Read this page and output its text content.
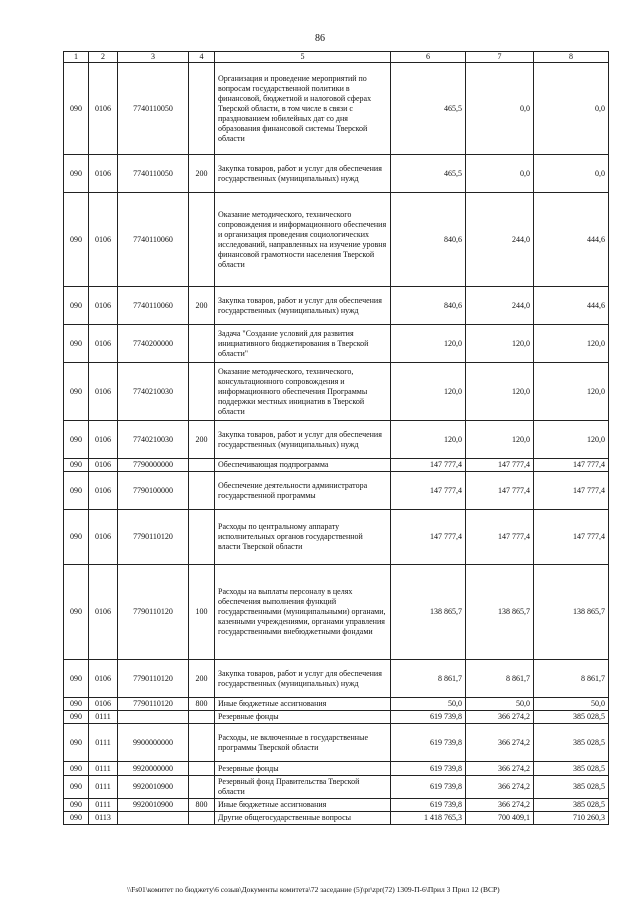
86
1	2	3	4	5	6	7	8
090	0106	7740110050		Организация и проведение мероприятий по вопросам государственной политики в финансовой, бюджетной и налоговой сферах Тверской области, в том числе в связи с празднованием юбилейных дат со дня образования финансовой системы Тверской области	465,5	0,0	0,0
090	0106	7740110050	200	Закупка товаров, работ и услуг для обеспечения государственных (муниципальных) нужд	465,5	0,0	0,0
090	0106	7740110060		Оказание методического, технического сопровождения и информационного обеспечения и организация проведения социологических исследований, направленных на изучение уровня финансовой грамотности населения Тверской области	840,6	244,0	444,6
090	0106	7740110060	200	Закупка товаров, работ и услуг для обеспечения государственных (муниципальных) нужд	840,6	244,0	444,6
090	0106	7740200000		Задача "Создание условий для развития инициативного бюджетирования в Тверской области"	120,0	120,0	120,0
090	0106	7740210030		Оказание методического, технического, консультационного сопровождения и информационного обеспечения Программы поддержки местных инициатив в Тверской области	120,0	120,0	120,0
090	0106	7740210030	200	Закупка товаров, работ и услуг для обеспечения государственных (муниципальных) нужд	120,0	120,0	120,0
090	0106	7790000000		Обеспечивающая подпрограмма	147 777,4	147 777,4	147 777,4
090	0106	7790100000		Обеспечение деятельности администратора государственной программы	147 777,4	147 777,4	147 777,4
090	0106	7790110120		Расходы по центральному аппарату исполнительных органов государственной власти Тверской области	147 777,4	147 777,4	147 777,4
090	0106	7790110120	100	Расходы на выплаты персоналу в целях обеспечения выполнения функций государственными (муниципальными) органами, казенными учреждениями, органами управления государственными внебюджетными фондами	138 865,7	138 865,7	138 865,7
090	0106	7790110120	200	Закупка товаров, работ и услуг для обеспечения государственных (муниципальных) нужд	8 861,7	8 861,7	8 861,7
090	0106	7790110120	800	Иные бюджетные ассигнования	50,0	50,0	50,0
090	0111			Резервные фонды	619 739,8	366 274,2	385 028,5
090	0111	9900000000		Расходы, не включенные в государственные программы Тверской области	619 739,8	366 274,2	385 028,5
090	0111	9920000000		Резервные фонды	619 739,8	366 274,2	385 028,5
090	0111	9920010900		Резервный фонд Правительства Тверской области	619 739,8	366 274,2	385 028,5
090	0111	9920010900	800	Иные бюджетные ассигнования	619 739,8	366 274,2	385 028,5
090	0113			Другие общегосударственные вопросы	1 418 765,3	700 409,1	710 260,3
\\Fs01\комитет по бюджету\6 созыв\Документы комитета\72 заседание (5)\pr\zpr(72) 1309-П-6\Прил 3 Прил 12 (ВСР)
